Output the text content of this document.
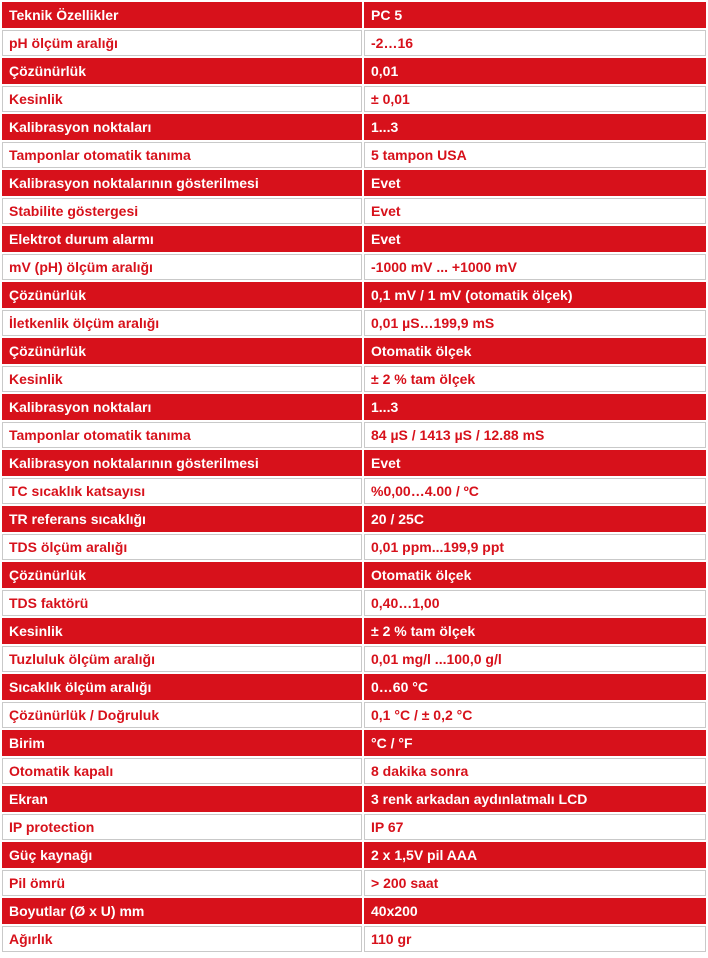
Teknik Özellikler	PC 5
pH ölçüm aralığı	-2…16
Çözünürlük	0,01
Kesinlik	± 0,01
Kalibrasyon noktaları	1...3
Tamponlar otomatik tanıma	5 tampon USA
Kalibrasyon noktalarının gösterilmesi	Evet
Stabilite göstergesi	Evet
Elektrot durum alarmı	Evet
mV (pH) ölçüm aralığı	-1000 mV ... +1000 mV
Çözünürlük	0,1 mV / 1 mV (otomatik ölçek)
İletkenlik ölçüm aralığı	0,01 µS…199,9 mS
Çözünürlük	Otomatik ölçek
Kesinlik	± 2 % tam ölçek
Kalibrasyon noktaları	1...3
Tamponlar otomatik tanıma	84 µS / 1413 µS / 12.88 mS
Kalibrasyon noktalarının gösterilmesi	Evet
TC sıcaklık katsayısı	%0,00…4.00 / ºC
TR referans sıcaklığı	20 / 25C
TDS ölçüm aralığı	0,01 ppm...199,9 ppt
Çözünürlük	Otomatik ölçek
TDS faktörü	0,40…1,00
Kesinlik	± 2 % tam ölçek
Tuzluluk ölçüm aralığı	0,01 mg/l ...100,0 g/l
Sıcaklık ölçüm aralığı	0…60 °C
Çözünürlük / Doğruluk	0,1 °C / ± 0,2 °C
Birim	°C / °F
Otomatik kapalı	8 dakika sonra
Ekran	3 renk arkadan aydınlatmalı LCD
IP protection	IP 67
Güç kaynağı	2 x 1,5V pil AAA
Pil ömrü	> 200 saat
Boyutlar (Ø x U) mm	40x200
Ağırlık	110 gr
